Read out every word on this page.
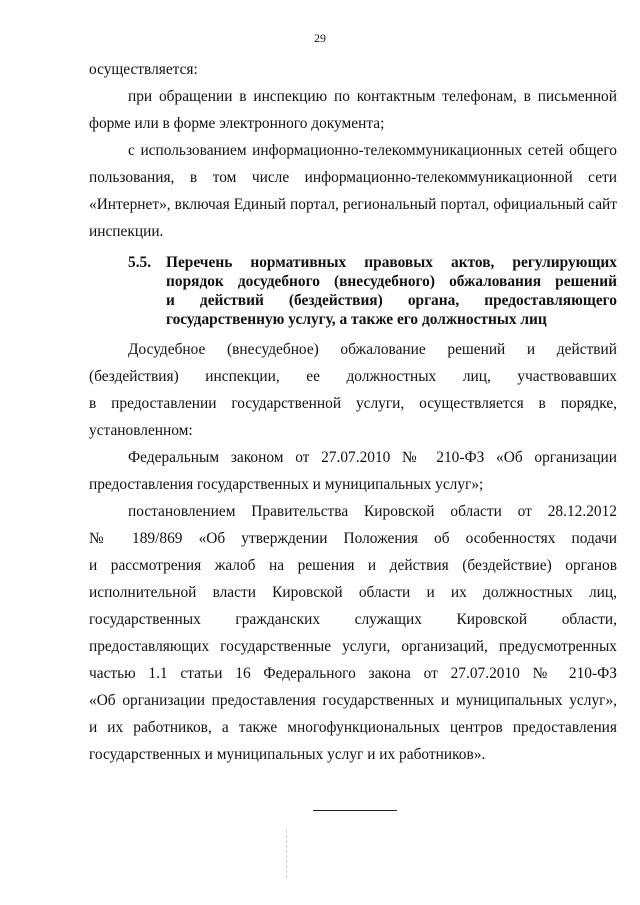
29
осуществляется:
при обращении в инспекцию по контактным телефонам, в письменной
форме или в форме электронного документа;
с использованием информационно-телекоммуникационных сетей общего
пользования, в том числе информационно-телекоммуникационной сети
«Интернет», включая Единый портал, региональный портал, официальный сайт
инспекции.
5.5. Перечень нормативных правовых актов, регулирующих
порядок досудебного (внесудебного) обжалования решений
и действий (бездействия) органа, предоставляющего
государственную услугу, а также его должностных лиц
Досудебное (внесудебное) обжалование решений и действий
(бездействия) инспекции, ее должностных лиц, участвовавших
в предоставлении государственной услуги, осуществляется в порядке,
установленном:
Федеральным законом от 27.07.2010 № 210-ФЗ «Об организации
предоставления государственных и муниципальных услуг»;
постановлением Правительства Кировской области от 28.12.2012
№ 189/869 «Об утверждении Положения об особенностях подачи
и рассмотрения жалоб на решения и действия (бездействие) органов
исполнительной власти Кировской области и их должностных лиц,
государственных гражданских служащих Кировской области,
предоставляющих государственные услуги, организаций, предусмотренных
частью 1.1 статьи 16 Федерального закона от 27.07.2010 № 210-ФЗ
«Об организации предоставления государственных и муниципальных услуг»,
и их работников, а также многофункциональных центров предоставления
государственных и муниципальных услуг и их работников».
